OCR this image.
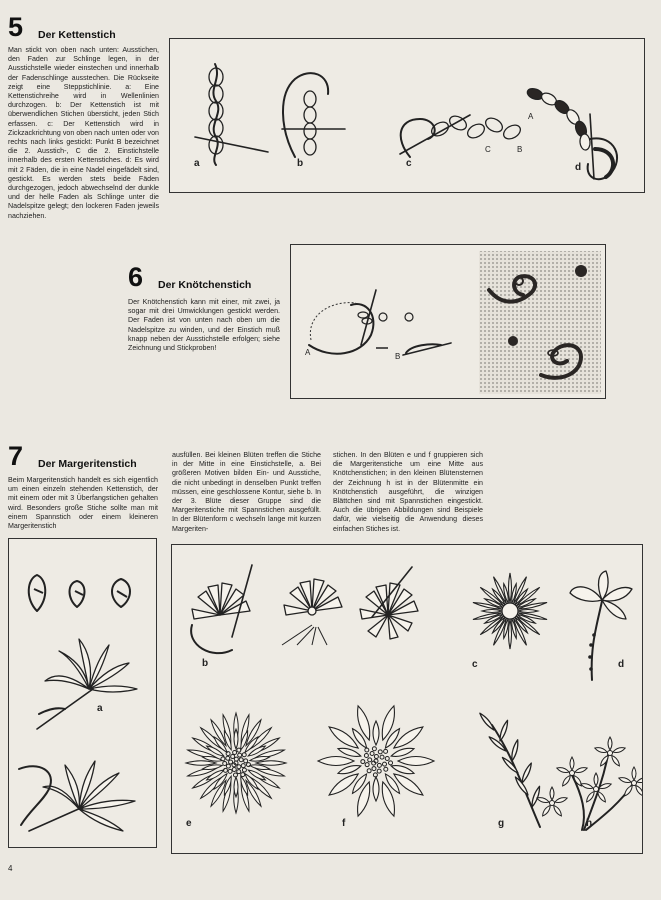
5 Der Kettenstich
Man stickt von oben nach unten: Ausstichen, den Faden zur Schlinge legen, in der Ausstichstelle wieder einstechen und innerhalb der Fadenschlinge ausstechen. Die Rückseite zeigt eine Steppstichlinie. a: Eine Kettenstichreihe wird in Wellenlinien durchzogen. b: Der Kettenstich ist mit überwendlichen Stichen übersticht, jeden Stich erfassen. c: Der Kettenstich wird in Zickzackrichtung von oben nach unten oder von rechts nach links gestickt: Punkt B bezeichnet die 2. Ausstich-, C die 2. Einstichstelle innerhalb des ersten Kettenstiches. d: Es wird mit 2 Fäden, die in eine Nadel eingefädelt sind, gestickt. Es werden stets beide Fäden durchgezogen, jedoch abwechselnd der dunkle und der helle Faden als Schlinge unter die Nadelspitze gelegt; den lockeren Faden jeweils nachziehen.
a	b	c	d
A
B
C
6 Der Knötchenstich
Der Knötchenstich kann mit einer, mit zwei, ja sogar mit drei Umwicklungen gestickt werden. Der Faden ist von unten nach oben um die Nadelspitze zu winden, und der Einstich muß knapp neben der Ausstichstelle erfolgen; siehe Zeichnung und Stickproben!	A	B
7 Der Margeritenstich
Beim Margeritenstich handelt es sich eigentlich um einen einzeln stehenden Kettenstich, der mit einem oder mit 3 Überfangstichen gehalten wird. Besonders große Stiche sollte man mit einem Spannstich oder einem kleineren Margeritenstich
ausfüllen. Bei kleinen Blüten treffen die Stiche in der Mitte in eine Einstichstelle, a. Bei größeren Motiven bilden Ein- und Ausstiche, die nicht unbedingt in denselben Punkt treffen müssen, eine geschlossene Kontur, siehe b. In der 3. Blüte dieser Gruppe sind die Margeritenstiche mit Spannstichen ausgefüllt. In der Blütenform c wechseln lange mit kurzen Margeriten-
stichen. In den Blüten e und f gruppieren sich die Margeritenstiche um eine Mitte aus Knötchenstichen; in den kleinen Blütensternen der Zeichnung h ist in der Blütenmitte ein Knötchenstich ausgeführt, die winzigen Blättchen sind mit Spannstichen eingestickt. Auch die übrigen Abbildungen sind Beispiele dafür, wie vielseitig die Anwendung dieses einfachen Stiches ist.
a
b	c	d
e	f	g	h
4
